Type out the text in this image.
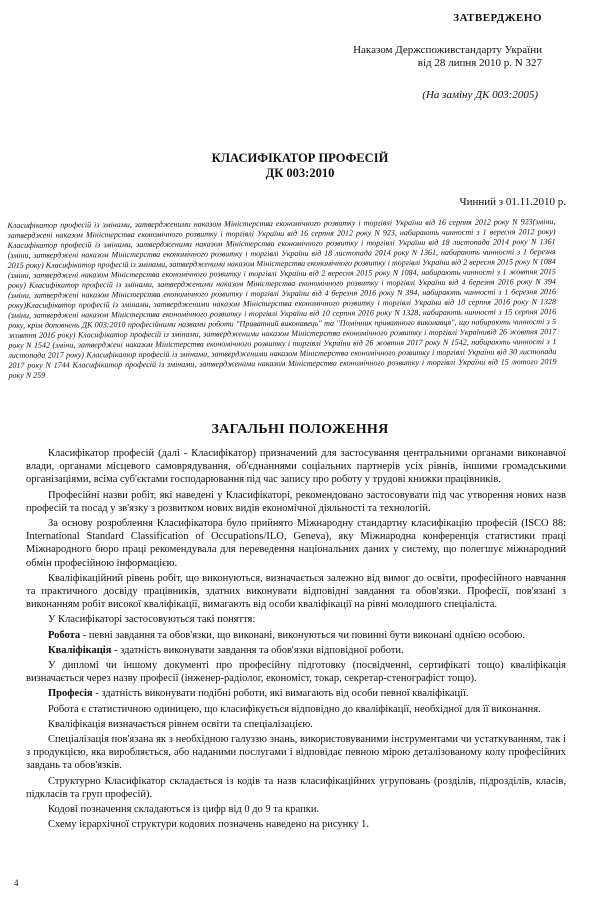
ЗАТВЕРДЖЕНО
Наказом Держспоживстандарту України
від 28 липня 2010 р. N 327
(На заміну ДК 003:2005)
КЛАСИФІКАТОР ПРОФЕСІЙ
ДК 003:2010
Чинний з 01.11.2010 р.
Класифікатор професій із змінами, затвердженими наказом Міністерства економічного розвитку і торгівлі України від 16 серпня 2012 року N 923(зміни, затверджені наказом Міністерства економічного розвитку і торгівлі України від 16 серпня 2012 року N 923, набирають чинності з 1 вересня 2012 року) Класифікатор професій із змінами, затвердженими наказом Міністерства економічного розвитку і торгівлі України від 18 листопада 2014 року N 1361 (зміни, затверджені наказом Міністерства економічного розвитку і торгівлі України від 18 листопада 2014 року N 1361, набирають чинності з 1 березня 2015 року) Класифікатор професій із змінами, затвердженими наказом Міністерства економічного розвитку і торгівлі України від 2 вересня 2015 року N 1084 (зміни, затверджені наказом Міністерства економічного розвитку і торгівлі України від 2 вересня 2015 року N 1084, набирають чинності з 1 жовтня 2015 року) Класифікатор професій із змінами, затвердженими наказом Міністерства економічного розвитку і торгівлі України від 4 березня 2016 року N 394 (зміни, затверджені наказом Міністерства економічного розвитку і торгівлі України від 4 березня 2016 року N 394, набирають чинності з 1 березня 2016 року)Класифікатор професій із змінами, затвердженими наказом Міністерства економічного розвитку і торгівлі України від 10 серпня 2016 року N 1328 (зміни, затверджені наказом Міністерства економічного розвитку і торгівлі України від 10 серпня 2016 року N 1328, набирають чинності з 15 серпня 2016 року, крім доповнень ДК 003:2010 професійними назвами роботи "Приватний виконавець" та "Помічник приватного виконавця", що набирають чинності з 5 жовтня 2016 року) Класифікатор професій із змінами, затвердженими наказом Міністерства економічного розвитку і торгівлі Українивід 26 жовтня 2017 року N 1542 (зміни, затверджені наказом Міністерства економічного розвитку і торгівлі України від 26 жовтня 2017 року N 1542, набирають чинності з 1 листопада 2017 року) Класифікатор професій із змінами, затвердженими наказом Міністерства економічного розвитку і торгівлі України від 30 листопада 2017 року N 1744 Класифікатор професій із змінами, затвердженими наказом Міністерства економічного розвитку і торгівлі України від 15 лютого 2019 року N 259
ЗАГАЛЬНІ ПОЛОЖЕННЯ

Класифікатор професій (далі - Класифікатор) призначений для застосування центральними органами виконавчої влади, органами місцевого самоврядування, об'єднаннями соціальних партнерів усіх рівнів, іншими громадськими організаціями, всіма суб'єктами господарювання під час запису про роботу у трудові книжки працівників.

Професійні назви робіт, які наведені у Класифікаторі, рекомендовано застосовувати під час утворення нових назв професій та посад у зв'язку з розвитком нових видів економічної діяльності та технологій.

За основу розроблення Класифікатора було прийнято Міжнародну стандартну класифікацію професій (ISCO 88: International Standard Classification of Occupations/ILO, Geneva), яку Міжнародна конференція статистики праці Міжнародного бюро праці рекомендувала для переведення національних даних у систему, що полегшує міжнародний обмін професійною інформацією.

Кваліфікаційний рівень робіт, що виконуються, визначається залежно від вимог до освіти, професійного навчання та практичного досвіду працівників, здатних виконувати відповідні завдання та обов'язки. Професії, пов'язані з виконанням робіт високої кваліфікації, вимагають від особи кваліфікації на рівні молодшого спеціаліста.

У Класифікаторі застосовуються такі поняття:

Робота - певні завдання та обов'язки, що виконані, виконуються чи повинні бути виконані однією особою.

Кваліфікація - здатність виконувати завдання та обов'язки відповідної роботи.

У дипломі чи іншому документі про професійну підготовку (посвідченні, сертифікаті тощо) кваліфікація визначається через назву професії (інженер-радіолог, економіст, токар, секретар-стенографіст тощо).

Професія - здатність виконувати подібні роботи, які вимагають від особи певної кваліфікації.

Робота є статистичною одиницею, що класифікується відповідно до кваліфікації, необхідної для її виконання.

Кваліфікація визначається рівнем освіти та спеціалізацією.

Спеціалізація пов'язана як з необхідною галуззю знань, використовуваними інструментами чи устаткуванням, так і з продукцією, яка виробляється, або наданими послугами і відповідає певною мірою деталізованому колу професійних завдань та обов'язків.

Структурно Класифікатор складається із кодів та назв класифікаційних угруповань (розділів, підрозділів, класів, підкласів та груп професій).

Кодові позначення складаються із цифр від 0 до 9 та крапки.

Схему ієрархічної структури кодових позначень наведено на рисунку 1.

4
